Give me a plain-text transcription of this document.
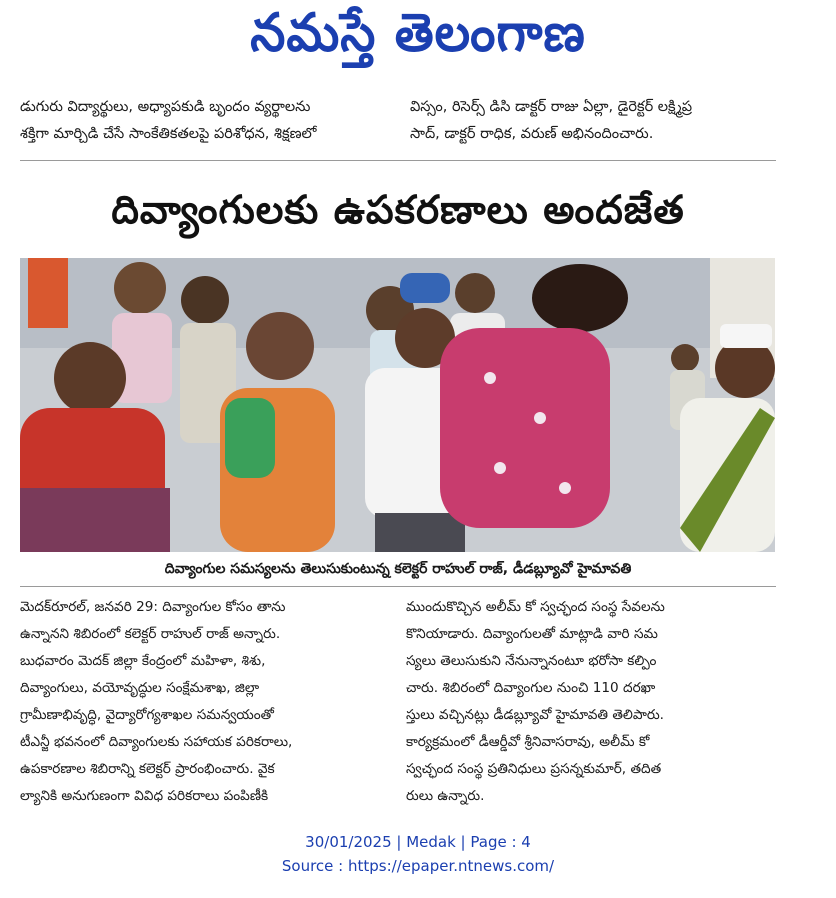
నమస్తే తెలంగాణ
డుగురు విద్యార్థులు, అధ్యాపకుడి బృందం వ్యర్థాలను
శక్తిగా మార్చిడి చేసే సాంకేతికతలపై పరిశోధన, శిక్షణలో
విస్సం, రిసెర్స్ డిసి డాక్టర్ రాజు ఏల్లా, డైరెక్టర్ లక్ష్మిప్ర
సాద్, డాక్టర్ రాధిక, వరుణ్ అభినందించారు.
దివ్యాంగులకు ఉపకరణాలు అందజేత
దివ్యాంగుల సమస్యలను తెలుసుకుంటున్న కలెక్టర్ రాహుల్ రాజ్, డీడబ్ల్యూవో హైమావతి
మెదక్‌రూరల్, జనవరి 29: దివ్యాంగుల కోసం తాను
ఉన్నానని శిబిరంలో కలెక్టర్ రాహుల్ రాజ్ అన్నారు.
బుధవారం మెదక్ జిల్లా కేంద్రంలో మహిళా, శిశు,
దివ్యాంగులు, వయోవృద్ధుల సంక్షేమశాఖ, జిల్లా
గ్రామీణాభివృద్ధి, వైద్యారోగ్యశాఖల సమన్వయంతో
టీఎన్జీ భవనంలో దివ్యాంగులకు సహాయక పరికరాలు,
ఉపకారణాల శిబిరాన్ని కలెక్టర్ ప్రారంభించారు. వైక
ల్యానికి అనుగుణంగా వివిధ పరికరాలు పంపిణీకి
ముందుకొచ్చిన అలీమ్ కో స్వచ్ఛంద సంస్థ సేవలను
కొనియాడారు. దివ్యాంగులతో మాట్లాడి వారి సమ
స్యలు తెలుసుకుని నేనున్నానంటూ భరోసా కల్పిం
చారు. శిబిరంలో దివ్యాంగుల నుంచి 110 దరఖా
స్తులు వచ్చినట్లు డీడబ్ల్యూవో హైమావతి తెలిపారు.
కార్యక్రమంలో డీఆర్డీవో శ్రీనివాసరావు, అలీమ్ కో
స్వచ్ఛంద సంస్థ ప్రతినిధులు ప్రసన్నకుమార్, తదిత
రులు ఉన్నారు.
30/01/2025 | Medak | Page : 4
Source : https://epaper.ntnews.com/
